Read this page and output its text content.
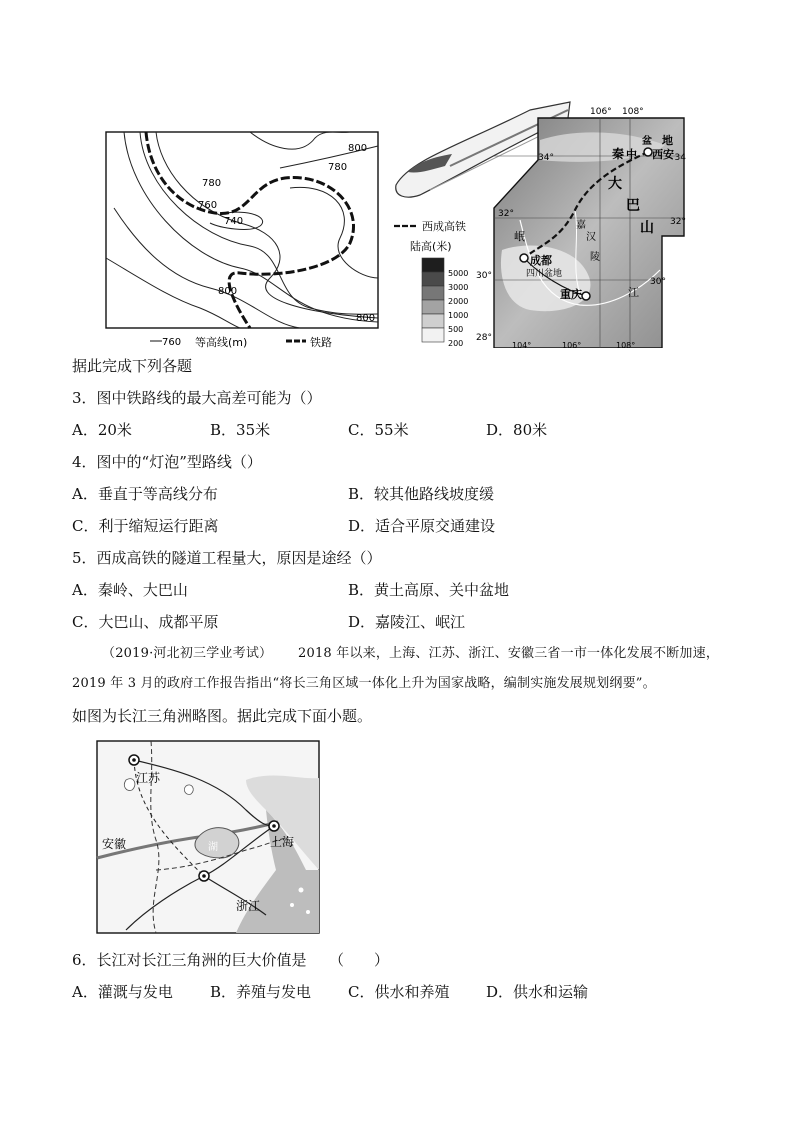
800
780
780
760
740
800
800
760 等高线(m)	铁路
西安
成都
重庆
大
巴
山
秦
地
四川盆地
汉
江
岷
嘉
陵
中
盆
106° 108°
104°	106°	108°
34°	34
32°
32°
30°
30°
28°
西成高铁
陆高(米)
5000
3000
2000
1000
500
200
据此完成下列各题
3．图中铁路线的最大高差可能为（）
A．20米	B．35米	C．55米	D．80米
4．图中的“灯泡”型路线（）
A．垂直于等高线分布	B．较其他路线坡度缓
C．利于缩短运行距离	D．适合平原交通建设
5．西成高铁的隧道工程量大，原因是途经（）
A．秦岭、大巴山	B．黄土高原、关中盆地
C．大巴山、成都平原	D．嘉陵江、岷江
（2019·河北初三学业考试） 2018 年以来，上海、江苏、浙江、安徽三省一市一体化发展不断加速，
2019 年 3 月的政府工作报告指出“将长三角区域一体化上升为国家战略，编制实施发展规划纲要”。
如图为长江三角洲略图。据此完成下面小题。
湖
江苏
上海
安徽
浙江
6．长江对长江三角洲的巨大价值是　　（　　）
A．灌溉与发电 B．养殖与发电 C．供水和养殖 D．供水和运输
